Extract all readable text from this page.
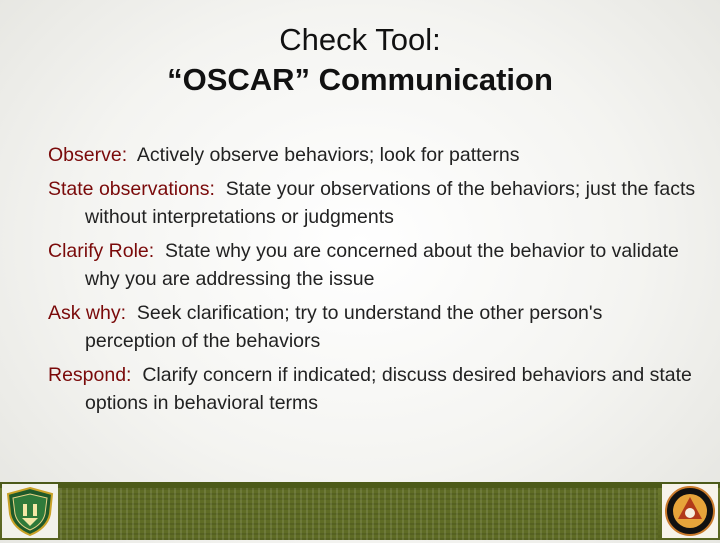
Check Tool:
“OSCAR” Communication

Observe: Actively observe behaviors; look for patterns

State observations: State your observations of the behaviors; just the facts without interpretations or judgments

Clarify Role: State why you are concerned about the behavior to validate why you are addressing the issue

Ask why: Seek clarification; try to understand the other person's perception of the behaviors

Respond: Clarify concern if indicated; discuss desired behaviors and state options in behavioral terms
